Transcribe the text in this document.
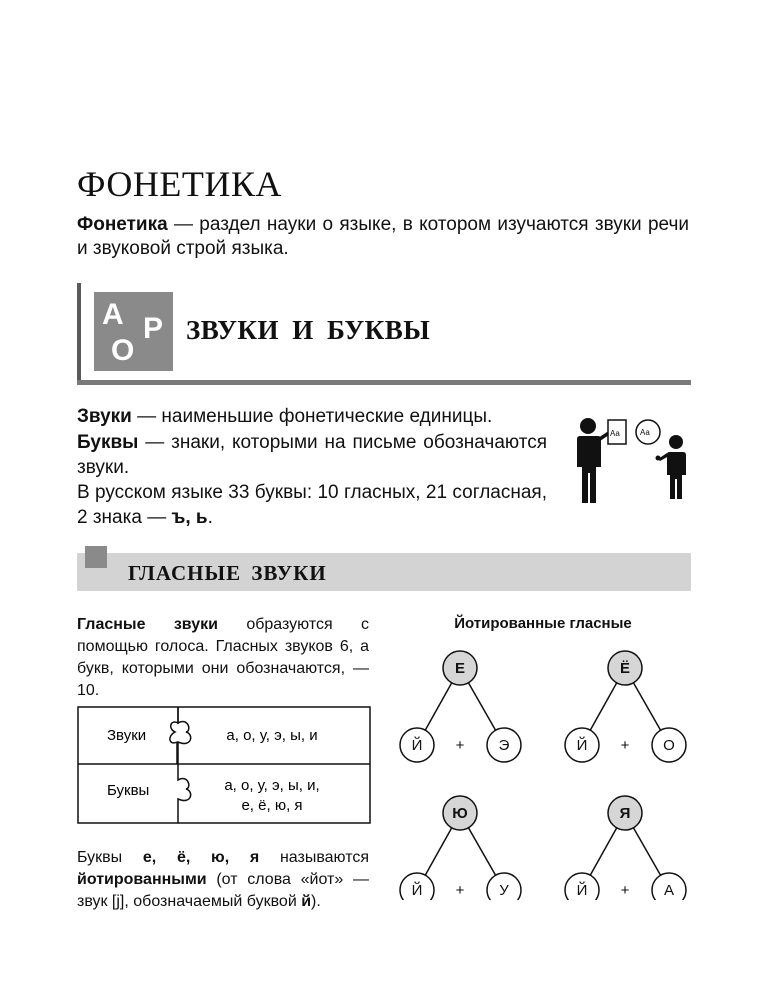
ФОНЕТИКА

Фонетика — раздел науки о языке, в котором изучаются звуки речи и звуковой строй языка.

А Р
О
ЗВУКИ И БУКВЫ

Звуки — наименьшие фонетические единицы.

Буквы — знаки, которыми на письме обозначаются звуки.

В русском языке 33 буквы: 10 гласных, 21 согласная, 2 знака — ъ, ь.

Аа	Аа
ГЛАСНЫЕ ЗВУКИ

Гласные звуки образуются с помощью голоса. Гласных звуков 6, а букв, которыми они обозначаются, — 10.

Звуки	а, о, у, э, ы, и
Буквы	а, о, у, э, ы, и,
е, ё, ю, я

Буквы е, ё, ю, я называются йотированными (от слова «йот» — звук [j], обозначаемый буквой й).

Йотированные гласные
Е
Й	Э
+
Ё
Й	О
+
Ю
Й	У
+
Я
Й	А
+
